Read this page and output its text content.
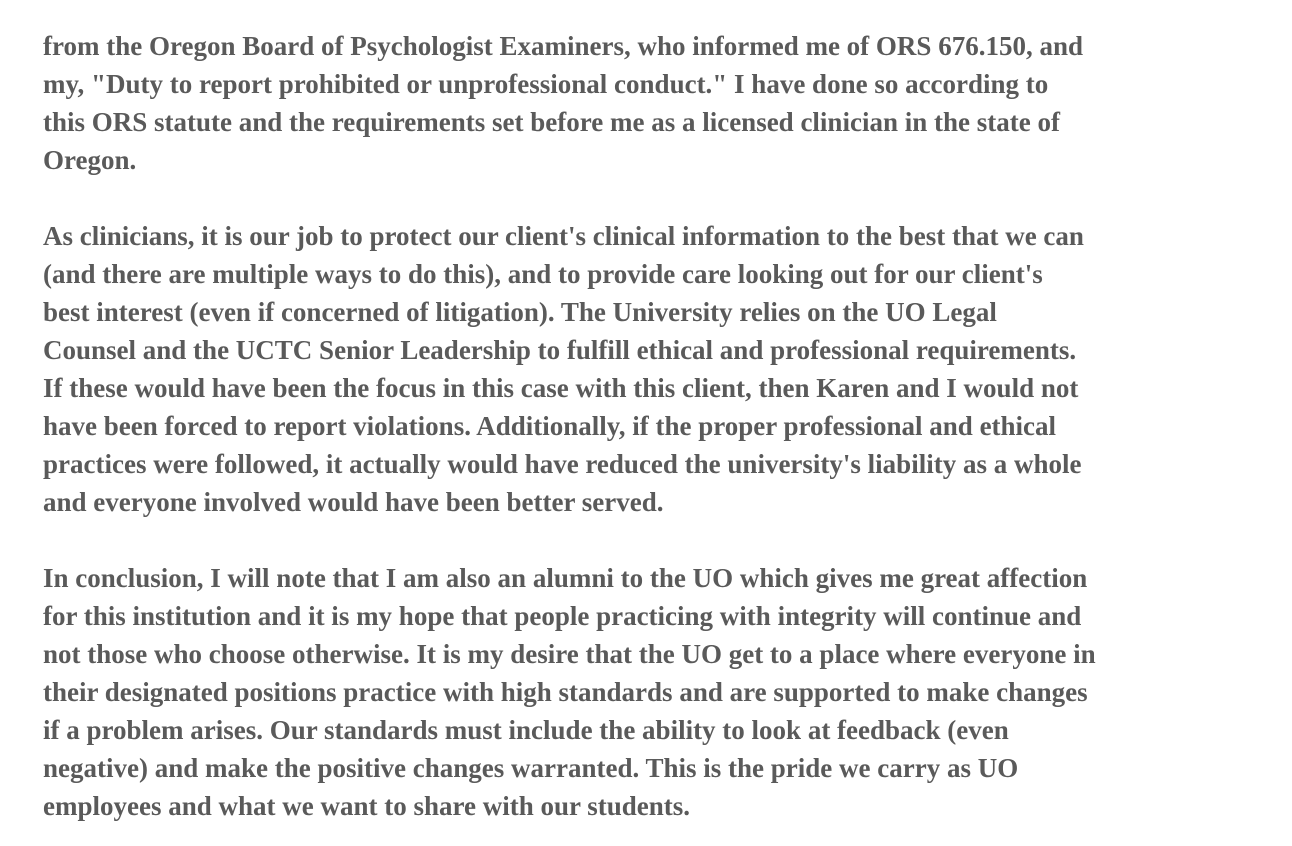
from the Oregon Board of Psychologist Examiners, who informed me of ORS 676.150, and
my, "Duty to report prohibited or unprofessional conduct." I have done so according to
this ORS statute and the requirements set before me as a licensed clinician in the state of
Oregon.

As clinicians, it is our job to protect our client's clinical information to the best that we can
(and there are multiple ways to do this), and to provide care looking out for our client's
best interest (even if concerned of litigation). The University relies on the UO Legal
Counsel and the UCTC Senior Leadership to fulfill ethical and professional requirements.
If these would have been the focus in this case with this client, then Karen and I would not
have been forced to report violations. Additionally, if the proper professional and ethical
practices were followed, it actually would have reduced the university's liability as a whole
and everyone involved would have been better served.

In conclusion, I will note that I am also an alumni to the UO which gives me great affection
for this institution and it is my hope that people practicing with integrity will continue and
not those who choose otherwise. It is my desire that the UO get to a place where everyone in
their designated positions practice with high standards and are supported to make changes
if a problem arises. Our standards must include the ability to look at feedback (even
negative) and make the positive changes warranted. This is the pride we carry as UO
employees and what we want to share with our students.
